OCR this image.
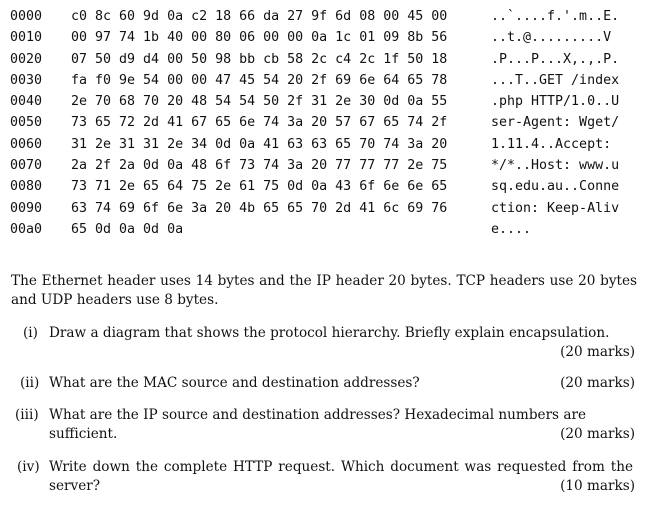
0000	c0 8c 60 9d 0a c2 18 66 da 27 9f 6d 08 00 45 00	..`....f.'.m..E.
0010	00 97 74 1b 40 00 80 06 00 00 0a 1c 01 09 8b 56	..t.@.........V
0020	07 50 d9 d4 00 50 98 bb cb 58 2c c4 2c 1f 50 18	.P...P...X,.,.P.
0030	fa f0 9e 54 00 00 47 45 54 20 2f 69 6e 64 65 78	...T..GET /index
0040	2e 70 68 70 20 48 54 54 50 2f 31 2e 30 0d 0a 55	.php HTTP/1.0..U
0050	73 65 72 2d 41 67 65 6e 74 3a 20 57 67 65 74 2f	ser-Agent: Wget/
0060	31 2e 31 31 2e 34 0d 0a 41 63 63 65 70 74 3a 20	1.11.4..Accept:
0070	2a 2f 2a 0d 0a 48 6f 73 74 3a 20 77 77 77 2e 75	*/*..Host: www.u
0080	73 71 2e 65 64 75 2e 61 75 0d 0a 43 6f 6e 6e 65	sq.edu.au..Conne
0090	63 74 69 6f 6e 3a 20 4b 65 65 70 2d 41 6c 69 76	ction: Keep-Aliv
00a0	65 0d 0a 0d 0a	e....
The Ethernet header uses 14 bytes and the IP header 20 bytes. TCP headers use 20 bytes and UDP headers use 8 bytes.
(i) Draw a diagram that shows the protocol hierarchy. Briefly explain encapsulation.
(20 marks)
(ii) What are the MAC source and destination addresses?	(20 marks)
(iii) What are the IP source and destination addresses? Hexadecimal numbers are sufficient.	(20 marks)
(iv) Write down the complete HTTP request. Which document was requested from the server?	(10 marks)
